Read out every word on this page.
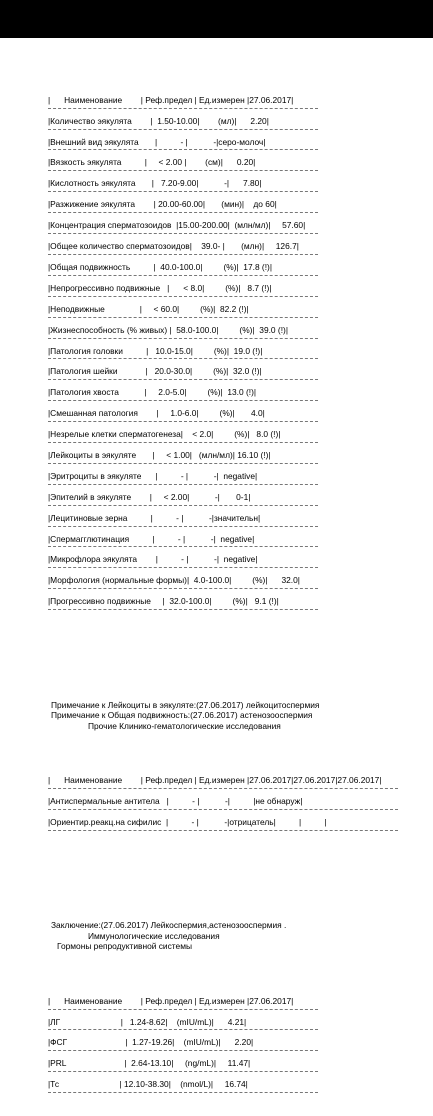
|      Наименование        | Реф.предел | Ед.измерен |27.06.2017|
|Количество эякулята        |  1.50-10.00|        (мл)|      2.20|
|Внешний вид эякулята       |          - |           -|серо-молоч|
|Вязкость эякулята          |     < 2.00 |        (см)|      0.20|
|Кислотность эякулята       |   7.20-9.00|           -|      7.80|
|Разжижение эякулята        | 20.00-60.00|       (мин)|    до 60|
|Концентрация сперматозоидов  |15.00-200.00|  (млн/мл)|     57.60|
|Общее количество сперматозоидов|    39.0- |       (млн)|     126.7|
|Общая подвижность          |  40.0-100.0|         (%)|  17.8 (!)|
|Непрогрессивно подвижные   |      < 8.0|         (%)|   8.7 (!)|
|Неподвижные               |     < 60.0|         (%)|  82.2 (!)|
|Жизнеспособность (% живых) |  58.0-100.0|         (%)|  39.0 (!)|
|Патология головки          |   10.0-15.0|         (%)|  19.0 (!)|
|Патология шейки            |   20.0-30.0|         (%)|  32.0 (!)|
|Патология хвоста           |     2.0-5.0|         (%)|  13.0 (!)|
|Смешанная патология        |     1.0-6.0|         (%)|       4.0|
|Незрелые клетки сперматогенеза|    < 2.0|         (%)|   8.0 (!)|
|Лейкоциты в эякуляте       |     < 1.00|   (млн/мл)| 16.10 (!)|
|Эритроциты в эякуляте      |          - |           -|  negative|
|Эпителий в эякуляте        |     < 2.00|           -|       0-1|
|Лецитиновые зерна          |          - |           -|значительн|
|Спермагглютинация          |          - |           -|  negative|
|Микрофлора эякулята        |          - |           -|  negative|
|Морфология (нормальные формы)|  4.0-100.0|         (%)|      32.0|
|Прогрессивно подвижные     |  32.0-100.0|         (%)|   9.1 (!)|

Примечание к Лейкоциты в эякуляте:(27.06.2017) лейкоцитоспермия
Примечание к Общая подвижность:(27.06.2017) астенозооспермия
Прочие Клинико-гематологические исследования

|      Наименование        | Реф.предел | Ед.измерен |27.06.2017|27.06.2017|27.06.2017|
|Антиспермальные антитела   |          - |           -|          |не обнаруж|
|Ориентир.реакц.на сифилис  |          - |           -|отрицатель|          |          |

Заключение:(27.06.2017) Лейкоспермия,астенозооспермия .
Иммунологические исследования
Гормоны репродуктивной системы

|      Наименование        | Реф.предел | Ед.измерен |27.06.2017|
|ЛГ                          |   1.24-8.62|    (mIU/mL)|      4.21|
|ФСГ                         |  1.27-19.26|    (mIU/mL)|      2.20|
|PRL                         |  2.64-13.10|     (ng/mL)|     11.47|
|Тс                          | 12.10-38.30|    (nmol/L)|     16.74|
